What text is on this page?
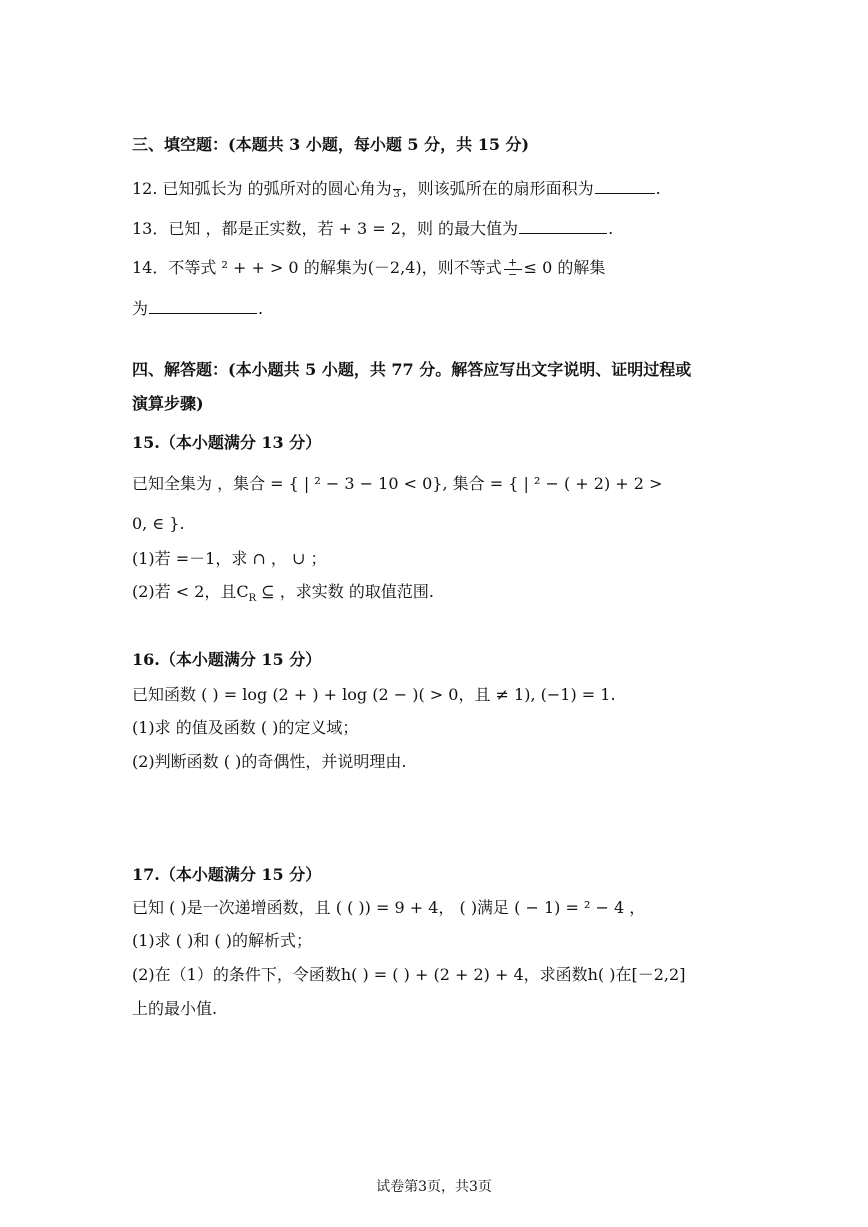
三、填空题：(本题共 3 小题，每小题 5 分，共 15 分)
12. 已知弧长为 的弧所对的圆心角为 3 ，则该弧所在的扇形面积为	.
13．已知 ，都是正实数，若 + 3 = 2，则 的最大值为	.
14．不等式 ² + + > 0 的解集为(－2,4)，则不等式 $\frac{+}{-} \le 0$ 的解集
为	.
四、解答题：(本小题共 5 小题，共 77 分。解答应写出文字说明、证明过程或
演算步骤)
15.（本小题满分 13 分）
已知全集为 ，集合 = { | ² − 3 − 10 < 0}, 集合 = { | ² − ( + 2) + 2 >
0, ∈ }.
(1)若 =－1，求 ∩ ， ∪ ；
(2)若 < 2，且$C_R$ ⊆ ，求实数 的取值范围.
16.（本小题满分 15 分）
已知函数 ( ) = log (2 + ) + log (2 − )( > 0，且 ≠ 1), (−1) = 1.
(1)求 的值及函数 ( )的定义域；
(2)判断函数 ( )的奇偶性，并说明理由.
17.（本小题满分 15 分）
已知 ( )是一次递增函数，且 ( ( )) = 9 + 4， ( )满足 ( − 1) = ² − 4 ，
(1)求 ( )和 ( )的解析式；
(2)在（1）的条件下，令函数h( ) = ( ) + (2 + 2) + 4，求函数h( )在[－2,2]
上的最小值.
试卷第3页，共3页
